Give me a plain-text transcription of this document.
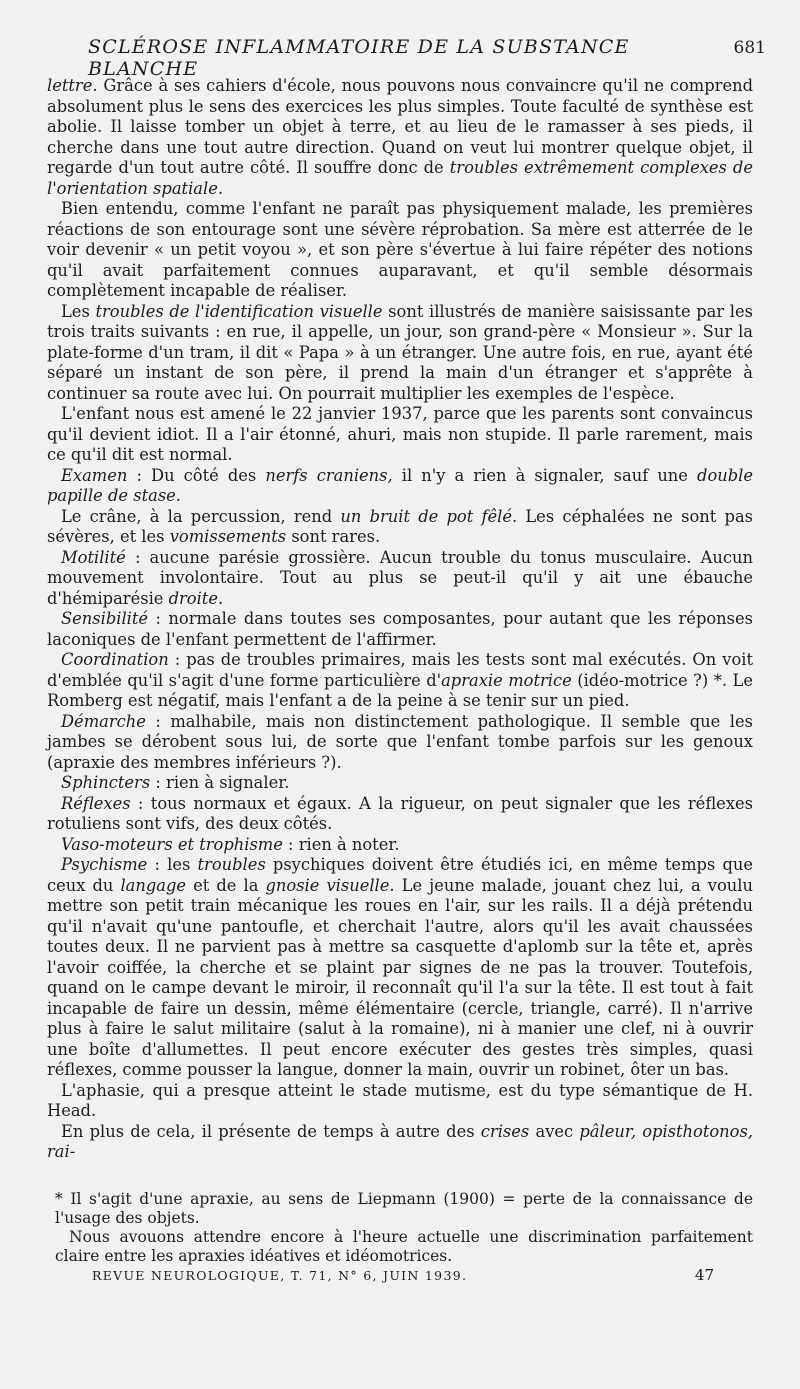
SCLÉROSE INFLAMMATOIRE DE LA SUBSTANCE BLANCHE
681

lettre. Grâce à ses cahiers d'école, nous pouvons nous convaincre qu'il ne comprend absolument plus le sens des exercices les plus simples. Toute faculté de synthèse est abolie. Il laisse tomber un objet à terre, et au lieu de le ramasser à ses pieds, il cherche dans une tout autre direction. Quand on veut lui montrer quelque objet, il regarde d'un tout autre côté. Il souffre donc de troubles extrêmement complexes de l'orientation spatiale.

Bien entendu, comme l'enfant ne paraît pas physiquement malade, les premières réactions de son entourage sont une sévère réprobation. Sa mère est atterrée de le voir devenir « un petit voyou », et son père s'évertue à lui faire répéter des notions qu'il avait parfaitement connues auparavant, et qu'il semble désormais complètement incapable de réaliser.

Les troubles de l'identification visuelle sont illustrés de manière saisissante par les trois traits suivants : en rue, il appelle, un jour, son grand-père « Monsieur ». Sur la plate-forme d'un tram, il dit « Papa » à un étranger. Une autre fois, en rue, ayant été séparé un instant de son père, il prend la main d'un étranger et s'apprête à continuer sa route avec lui. On pourrait multiplier les exemples de l'espèce.

L'enfant nous est amené le 22 janvier 1937, parce que les parents sont convaincus qu'il devient idiot. Il a l'air étonné, ahuri, mais non stupide. Il parle rarement, mais ce qu'il dit est normal.

Examen : Du côté des nerfs craniens, il n'y a rien à signaler, sauf une double papille de stase.

Le crâne, à la percussion, rend un bruit de pot fêlé. Les céphalées ne sont pas sévères, et les vomissements sont rares.

Motilité : aucune parésie grossière. Aucun trouble du tonus musculaire. Aucun mouvement involontaire. Tout au plus se peut-il qu'il y ait une ébauche d'hémiparésie droite.

Sensibilité : normale dans toutes ses composantes, pour autant que les réponses laconiques de l'enfant permettent de l'affirmer.

Coordination : pas de troubles primaires, mais les tests sont mal exécutés. On voit d'emblée qu'il s'agit d'une forme particulière d'apraxie motrice (idéo-motrice ?) *. Le Romberg est négatif, mais l'enfant a de la peine à se tenir sur un pied.

Démarche : malhabile, mais non distinctement pathologique. Il semble que les jambes se dérobent sous lui, de sorte que l'enfant tombe parfois sur les genoux (apraxie des membres inférieurs ?).

Sphincters : rien à signaler.

Réflexes : tous normaux et égaux. A la rigueur, on peut signaler que les réflexes rotuliens sont vifs, des deux côtés.

Vaso-moteurs et trophisme : rien à noter.

Psychisme : les troubles psychiques doivent être étudiés ici, en même temps que ceux du langage et de la gnosie visuelle. Le jeune malade, jouant chez lui, a voulu mettre son petit train mécanique les roues en l'air, sur les rails. Il a déjà prétendu qu'il n'avait qu'une pantoufle, et cherchait l'autre, alors qu'il les avait chaussées toutes deux. Il ne parvient pas à mettre sa casquette d'aplomb sur la tête et, après l'avoir coiffée, la cherche et se plaint par signes de ne pas la trouver. Toutefois, quand on le campe devant le miroir, il reconnaît qu'il l'a sur la tête. Il est tout à fait incapable de faire un dessin, même élémentaire (cercle, triangle, carré). Il n'arrive plus à faire le salut militaire (salut à la romaine), ni à manier une clef, ni à ouvrir une boîte d'allumettes. Il peut encore exécuter des gestes très simples, quasi réflexes, comme pousser la langue, donner la main, ouvrir un robinet, ôter un bas.

L'aphasie, qui a presque atteint le stade mutisme, est du type sémantique de H. Head.

En plus de cela, il présente de temps à autre des crises avec pâleur, opisthotonos, rai-

* Il s'agit d'une apraxie, au sens de Liepmann (1900) = perte de la connaissance de l'usage des objets.

Nous avouons attendre encore à l'heure actuelle une discrimination parfaitement claire entre les apraxies idéatives et idéomotrices.

REVUE NEUROLOGIQUE, T. 71, N° 6, JUIN 1939.	47
